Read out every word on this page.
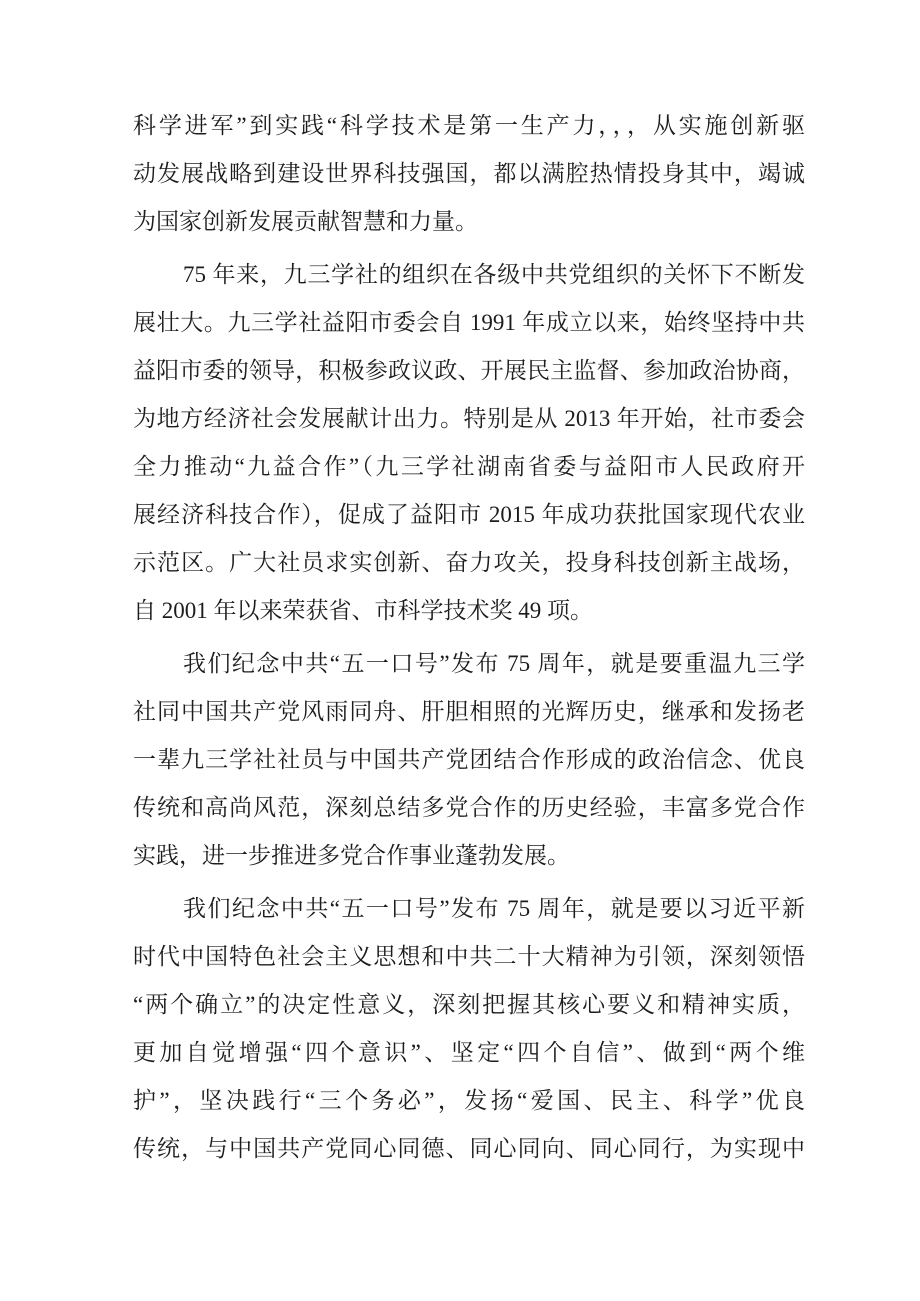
科学进军”到实践“科学技术是第一生产力，，，从实施创新驱
动发展战略到建设世界科技强国，都以满腔热情投身其中，竭诚
为国家创新发展贡献智慧和力量。
75 年来，九三学社的组织在各级中共党组织的关怀下不断发
展壮大。九三学社益阳市委会自 1991 年成立以来，始终坚持中共
益阳市委的领导，积极参政议政、开展民主监督、参加政治协商，
为地方经济社会发展献计出力。特别是从 2013 年开始，社市委会
全力推动“九益合作”（九三学社湖南省委与益阳市人民政府开
展经济科技合作），促成了益阳市 2015 年成功获批国家现代农业
示范区。广大社员求实创新、奋力攻关，投身科技创新主战场，
自 2001 年以来荣获省、市科学技术奖 49 项。
我们纪念中共“五一口号”发布 75 周年，就是要重温九三学
社同中国共产党风雨同舟、肝胆相照的光辉历史，继承和发扬老
一辈九三学社社员与中国共产党团结合作形成的政治信念、优良
传统和高尚风范，深刻总结多党合作的历史经验，丰富多党合作
实践，进一步推进多党合作事业蓬勃发展。
我们纪念中共“五一口号”发布 75 周年，就是要以习近平新
时代中国特色社会主义思想和中共二十大精神为引领，深刻领悟
“两个确立”的决定性意义，深刻把握其核心要义和精神实质，
更加自觉增强“四个意识”、坚定“四个自信”、做到“两个维
护”，坚决践行“三个务必”，发扬“爱国、民主、科学”优良
传统，与中国共产党同心同德、同心同向、同心同行，为实现中
